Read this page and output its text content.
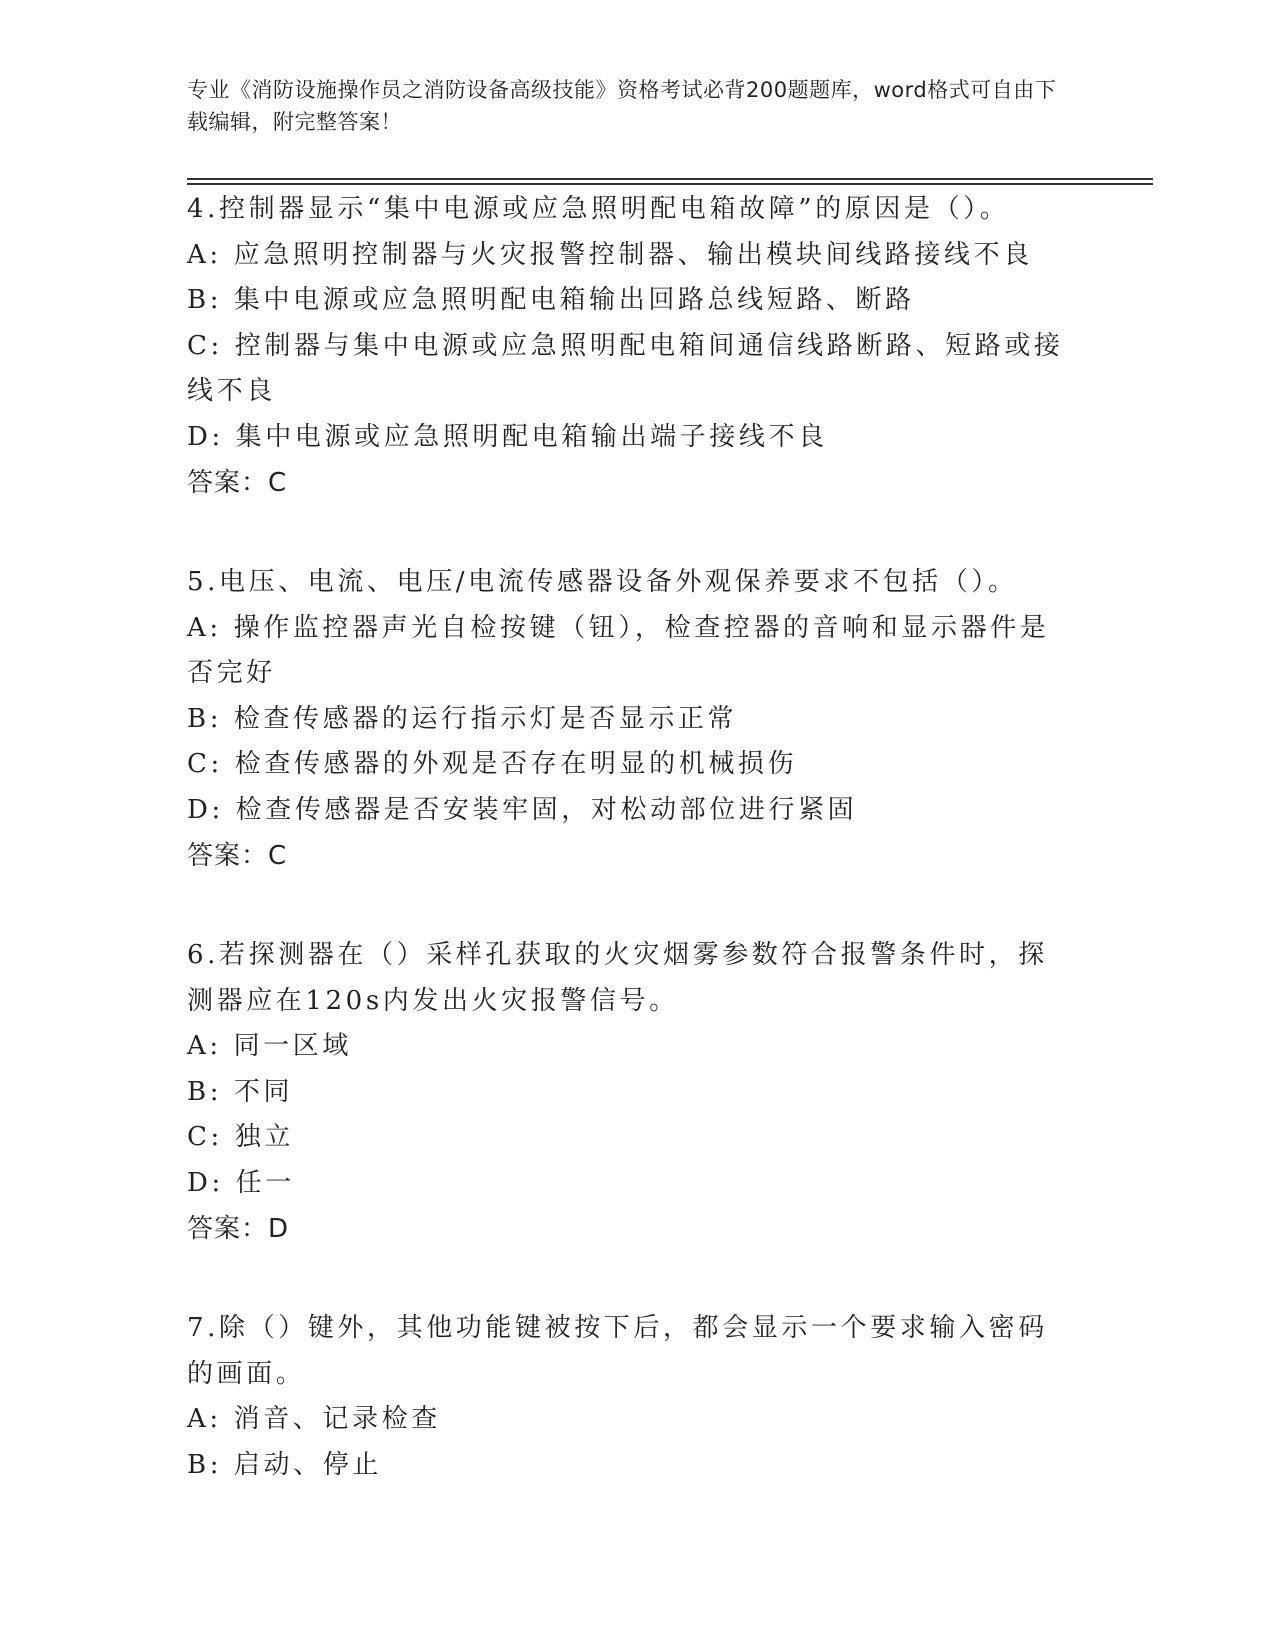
专业《消防设施操作员之消防设备高级技能》资格考试必背200题题库，word格式可自由下载编辑，附完整答案！
4.控制器显示“集中电源或应急照明配电箱故障”的原因是（）。
A: 应急照明控制器与火灾报警控制器、输出模块间线路接线不良
B: 集中电源或应急照明配电箱输出回路总线短路、断路
C: 控制器与集中电源或应急照明配电箱间通信线路断路、短路或接线不良
D: 集中电源或应急照明配电箱输出端子接线不良
答案：C
5.电压、电流、电压/电流传感器设备外观保养要求不包括（）。
A: 操作监控器声光自检按键（钮），检查控器的音响和显示器件是否完好
B: 检查传感器的运行指示灯是否显示正常
C: 检查传感器的外观是否存在明显的机械损伤
D: 检查传感器是否安装牢固，对松动部位进行紧固
答案：C
6.若探测器在（）采样孔获取的火灾烟雾参数符合报警条件时，探测器应在120s内发出火灾报警信号。
A: 同一区域
B: 不同
C: 独立
D: 任一
答案：D
7.除（）键外，其他功能键被按下后，都会显示一个要求输入密码的画面。
A: 消音、记录检查
B: 启动、停止
